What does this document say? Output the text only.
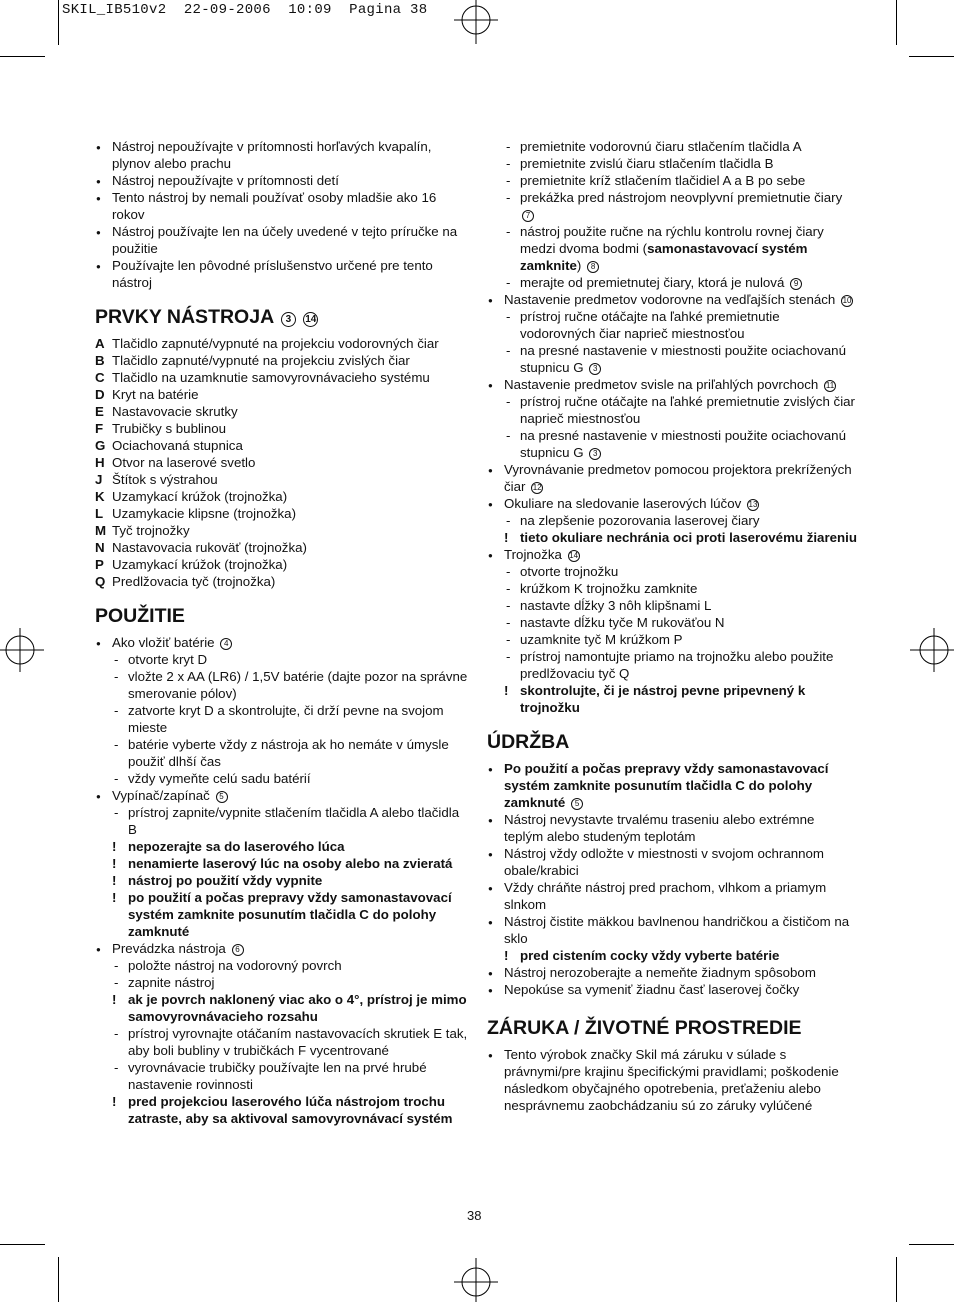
SKIL_IB510v2  22-09-2006  10:09  Pagina 38
● Nástroj nepoužívajte v prítomnosti horľavých kvapalín, plynov alebo prachu
● Nástroj nepoužívajte v prítomnosti detí
● Tento nástroj by nemali používať osoby mladšie ako 16 rokov
● Nástroj používajte len na účely uvedené v tejto príručke na použitie
● Používajte len pôvodné príslušenstvo určené pre tento nástroj
PRVKY NÁSTROJA 3 14
A Tlačidlo zapnuté/vypnuté na projekciu vodorovných čiar
B Tlačidlo zapnuté/vypnuté na projekciu zvislých čiar
C Tlačidlo na uzamknutie samovyrovnávacieho systému
D Kryt na batérie
E Nastavovacie skrutky
F Trubičky s bublinou
G Ociachovaná stupnica
H Otvor na laserové svetlo
J Štítok s výstrahou
K Uzamykací krúžok (trojnožka)
L Uzamykacie klipsne (trojnožka)
M Tyč trojnožky
N Nastavovacia rukoväť (trojnožka)
P Uzamykací krúžok (trojnožka)
Q Predlžovacia tyč (trojnožka)
POUŽITIE
● Ako vložiť batérie 4
- otvorte kryt D
- vložte 2 x AA (LR6) / 1,5V batérie (dajte pozor na správne smerovanie pólov)
- zatvorte kryt D a skontrolujte, či drží pevne na svojom mieste
- batérie vyberte vždy z nástroja ak ho nemáte v úmysle použiť dlhší čas
- vždy vymeňte celú sadu batérií
● Vypínač/zapínač 5
- prístroj zapnite/vypnite stlačením tlačidla A alebo tlačidla B
! nepozerajte sa do laserového lúca
! nenamierte laserový lúc na osoby alebo na zvieratá
! nástroj po použití vždy vypnite
! po použití a počas prepravy vždy samonastavovací systém zamknite posunutím tlačidla C do polohy zamknuté
● Prevádzka nástroja 6
- položte nástroj na vodorovný povrch
- zapnite nástroj
! ak je povrch naklonený viac ako o 4°, prístroj je mimo samovyrovnávacieho rozsahu
- prístroj vyrovnajte otáčaním nastavovacích skrutiek E tak, aby boli bubliny v trubičkách F vycentrované
- vyrovnávacie trubičky používajte len na prvé hrubé nastavenie rovinnosti
! pred projekciou laserového lúča nástrojom trochu zatraste, aby sa aktivoval samovyrovnávací systém
- premietnite vodorovnú čiaru stlačením tlačidla A
- premietnite zvislú čiaru stlačením tlačidla B
- premietnite kríž stlačením tlačidiel A a B po sebe
- prekážka pred nástrojom neovplyvní premietnutie čiary 7
- nástroj použite ručne na rýchlu kontrolu rovnej čiary medzi dvoma bodmi (samonastavovací systém zamknite) 8
- merajte od premietnutej čiary, ktorá je nulová 9
● Nastavenie predmetov vodorovne na vedľajších stenách 10
- prístroj ručne otáčajte na ľahké premietnutie vodorovných čiar naprieč miestnosťou
- na presné nastavenie v miestnosti použite ociachovanú stupnicu G 3
● Nastavenie predmetov svisle na priľahlých povrchoch 11
- prístroj ručne otáčajte na ľahké premietnutie zvislých čiar naprieč miestnosťou
- na presné nastavenie v miestnosti použite ociachovanú stupnicu G 3
● Vyrovnávanie predmetov pomocou projektora prekrížených čiar 12
● Okuliare na sledovanie laserových lúčov 13
- na zlepšenie pozorovania laserovej čiary
! tieto okuliare nechránia oci proti laserovému žiareniu
● Trojnožka 14
- otvorte trojnožku
- krúžkom K trojnožku zamknite
- nastavte dĺžky 3 nôh klipšnami L
- nastavte dĺžku tyče M rukoväťou N
- uzamknite tyč M krúžkom P
- prístroj namontujte priamo na trojnožku alebo použite predlžovaciu tyč Q
! skontrolujte, či je nástroj pevne pripevnený k trojnožku
ÚDRŽBA
● Po použití a počas prepravy vždy samonastavovací systém zamknite posunutím tlačidla C do polohy zamknuté 5
● Nástroj nevystavte trvalému traseniu alebo extrémne teplým alebo studeným teplotám
● Nástroj vždy odložte v miestnosti v svojom ochrannom obale/krabici
● Vždy chráňte nástroj pred prachom, vlhkom a priamym slnkom
● Nástroj čistite mäkkou bavlnenou handričkou a čističom na sklo
! pred cistením cocky vždy vyberte batérie
● Nástroj nerozoberajte a nemeňte žiadnym spôsobom
● Nepokúse sa vymeniť žiadnu časť laserovej čočky
ZÁRUKA / ŽIVOTNÉ PROSTREDIE
● Tento výrobok značky Skil má záruku v súlade s právnymi/pre krajinu špecifickými pravidlami; poškodenie následkom obyčajného opotrebenia, preťaženiu alebo nesprávnemu zaobchádzaniu sú zo záruky vylúčené
38
